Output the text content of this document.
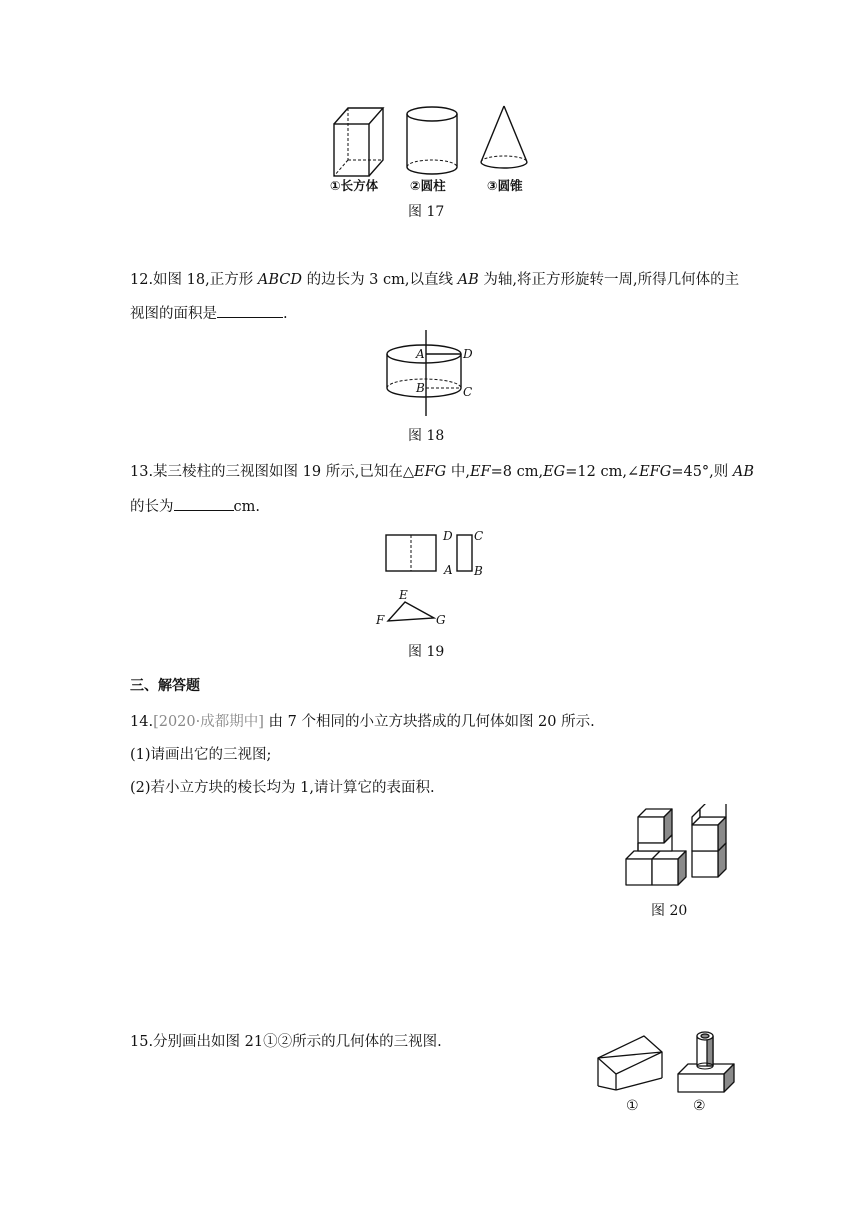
①长方体	②圆柱	③圆锥
图 17
12.如图 18,正方形 ABCD 的边长为 3 cm,以直线 AB 为轴,将正方形旋转一周,所得几何体的主
视图的面积是	.
A	D
B	C
图 18
13.某三棱柱的三视图如图 19 所示,已知在△EFG 中,EF=8 cm,EG=12 cm,∠EFG=45°,则 AB
的长为	cm.
D C
A B
E
F	G
图 19
三、解答题
14.[2020·成都期中] 由 7 个相同的小立方块搭成的几何体如图 20 所示.
(1)请画出它的三视图;
(2)若小立方块的棱长均为 1,请计算它的表面积.
图 20
15.分别画出如图 21①②所示的几何体的三视图.
①	②
